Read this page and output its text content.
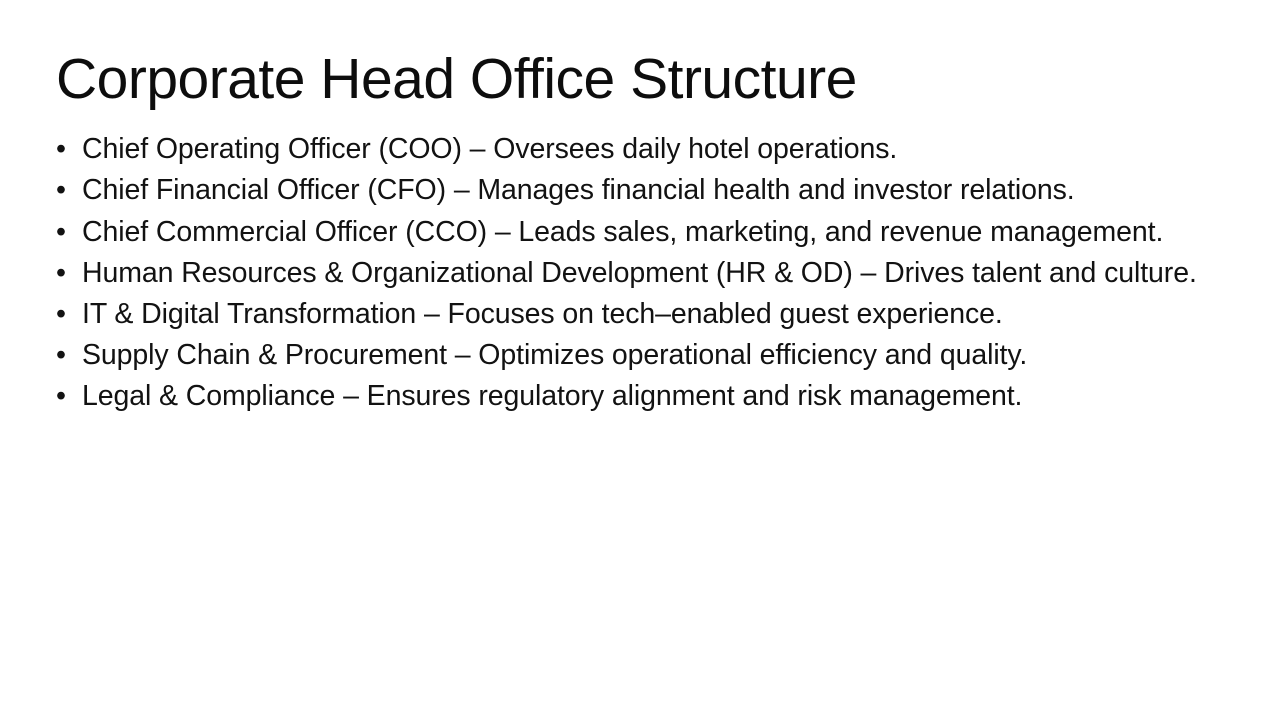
Corporate Head Office Structure
• Chief Operating Officer (COO) – Oversees daily hotel operations.
• Chief Financial Officer (CFO) – Manages financial health and investor relations.
• Chief Commercial Officer (CCO) – Leads sales, marketing, and revenue management.
• Human Resources & Organizational Development (HR & OD) – Drives talent and culture.
• IT & Digital Transformation – Focuses on tech–enabled guest experience.
• Supply Chain & Procurement – Optimizes operational efficiency and quality.
• Legal & Compliance – Ensures regulatory alignment and risk management.
